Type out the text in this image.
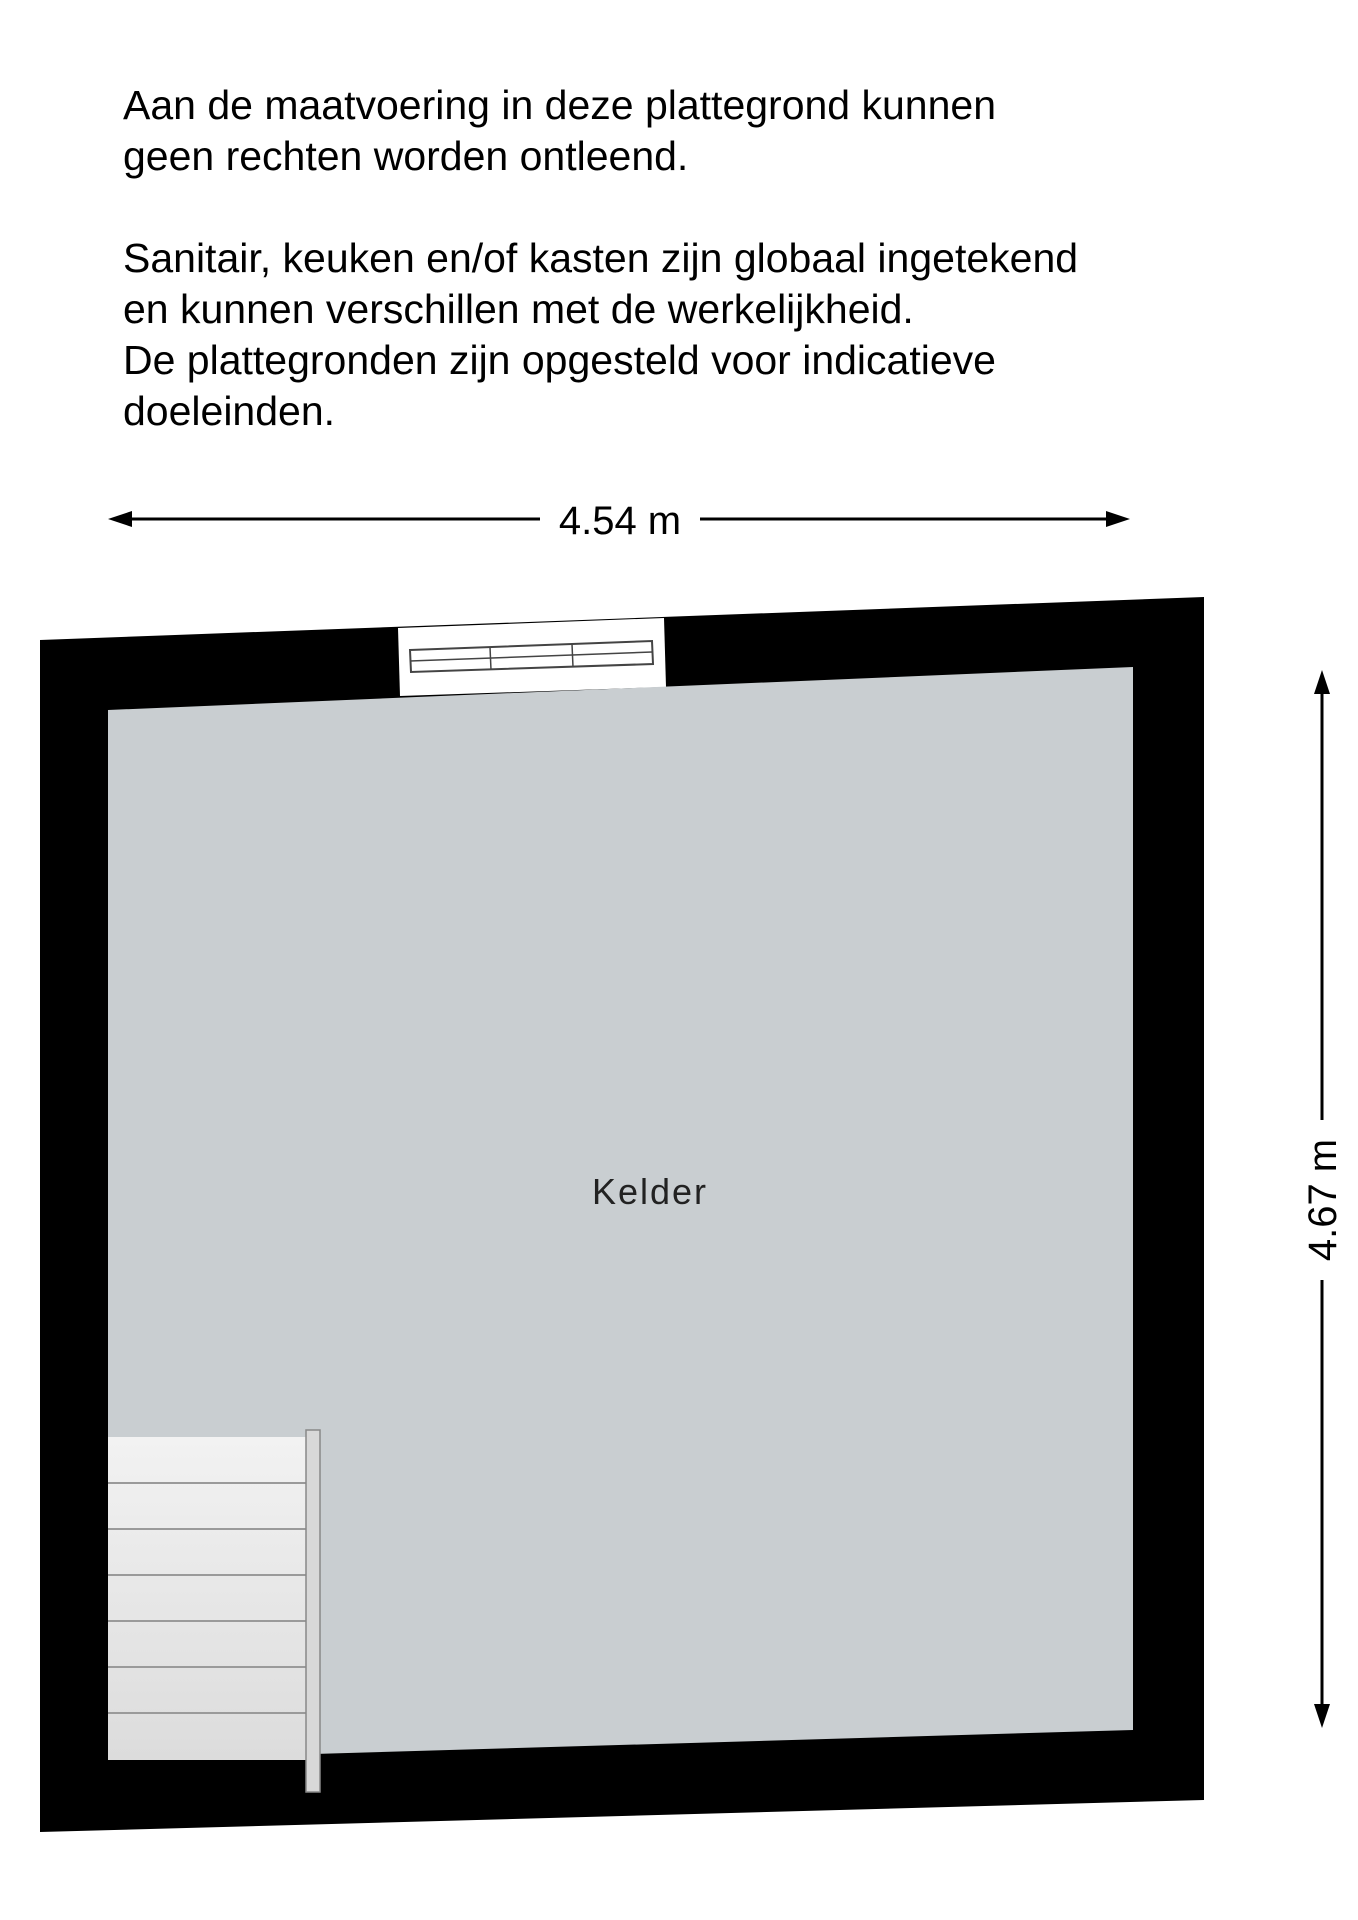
Aan de maatvoering in deze plattegrond kunnen

geen rechten worden ontleend.

Sanitair, keuken en/of kasten zijn globaal ingetekend

en kunnen verschillen met de werkelijkheid.

De plattegronden zijn opgesteld voor indicatieve

doeleinden.

4.54 m
4.67 m
Kelder
